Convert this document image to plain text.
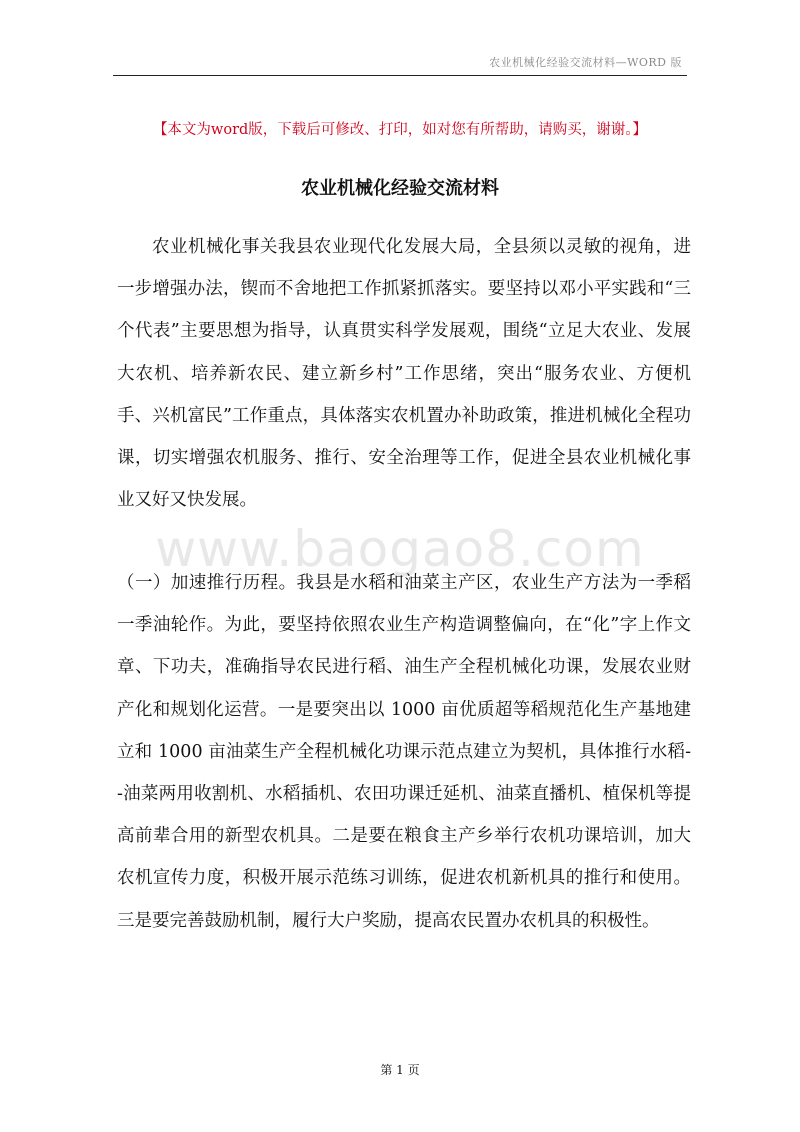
农业机械化经验交流材料—WORD 版
【本文为word版，下载后可修改、打印，如对您有所帮助，请购买，谢谢。】
农业机械化经验交流材料

农业机械化事关我县农业现代化发展大局，全县须以灵敏的视角，进一步增强办法，锲而不舍地把工作抓紧抓落实。要坚持以邓小平实践和“三个代表”主要思想为指导，认真贯实科学发展观，围绕“立足大农业、发展大农机、培养新农民、建立新乡村”工作思绪，突出“服务农业、方便机手、兴机富民”工作重点，具体落实农机置办补助政策，推进机械化全程功课，切实增强农机服务、推行、安全治理等工作，促进全县农业机械化事业又好又快发展。

www.baogao8.com

（一）加速推行历程。我县是水稻和油菜主产区，农业生产方法为一季稻一季油轮作。为此，要坚持依照农业生产构造调整偏向，在“化”字上作文章、下功夫，准确指导农民进行稻、油生产全程机械化功课，发展农业财产化和规划化运营。一是要突出以 1000 亩优质超等稻规范化生产基地建立和 1000 亩油菜生产全程机械化功课示范点建立为契机，具体推行水稻--油菜两用收割机、水稻插机、农田功课迁延机、油菜直播机、植保机等提高前辈合用的新型农机具。二是要在粮食主产乡举行农机功课培训，加大农机宣传力度，积极开展示范练习训练，促进农机新机具的推行和使用。三是要完善鼓励机制，履行大户奖励，提高农民置办农机具的积极性。

第 1 页
